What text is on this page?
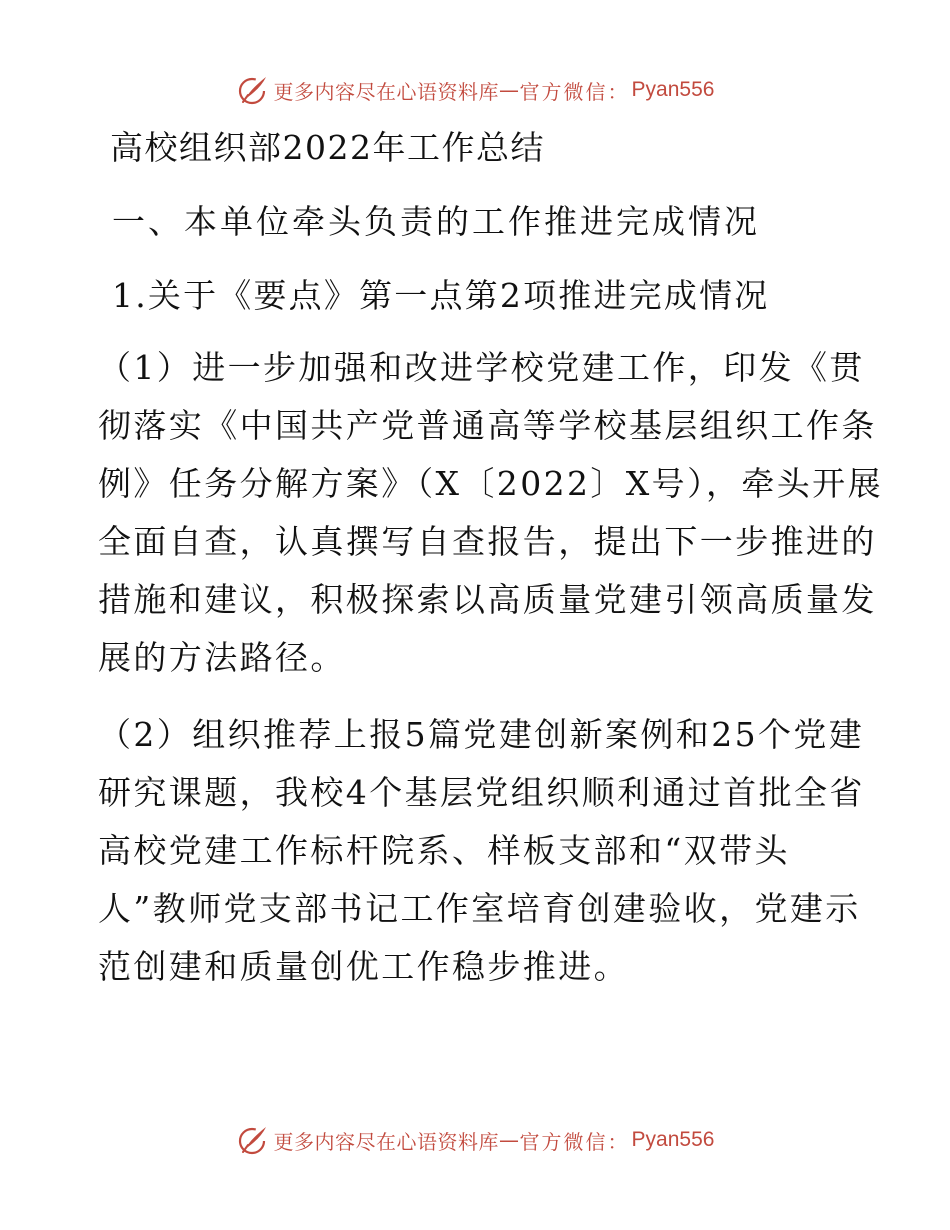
更多内容尽在心语资料库 — 官方微信： Pyan556
高校组织部2022年工作总结
一、本单位牵头负责的工作推进完成情况
1.关于《要点》第一点第2项推进完成情况
（1）进一步加强和改进学校党建工作，印发《贯
彻落实《中国共产党普通高等学校基层组织工作条
例》任务分解方案》（X〔2022〕X号），牵头开展
全面自查，认真撰写自查报告，提出下一步推进的
措施和建议，积极探索以高质量党建引领高质量发
展的方法路径。
（2）组织推荐上报5篇党建创新案例和25个党建
研究课题，我校4个基层党组织顺利通过首批全省
高校党建工作标杆院系、样板支部和“双带头
人”教师党支部书记工作室培育创建验收，党建示
范创建和质量创优工作稳步推进。
更多内容尽在心语资料库 — 官方微信： Pyan556
